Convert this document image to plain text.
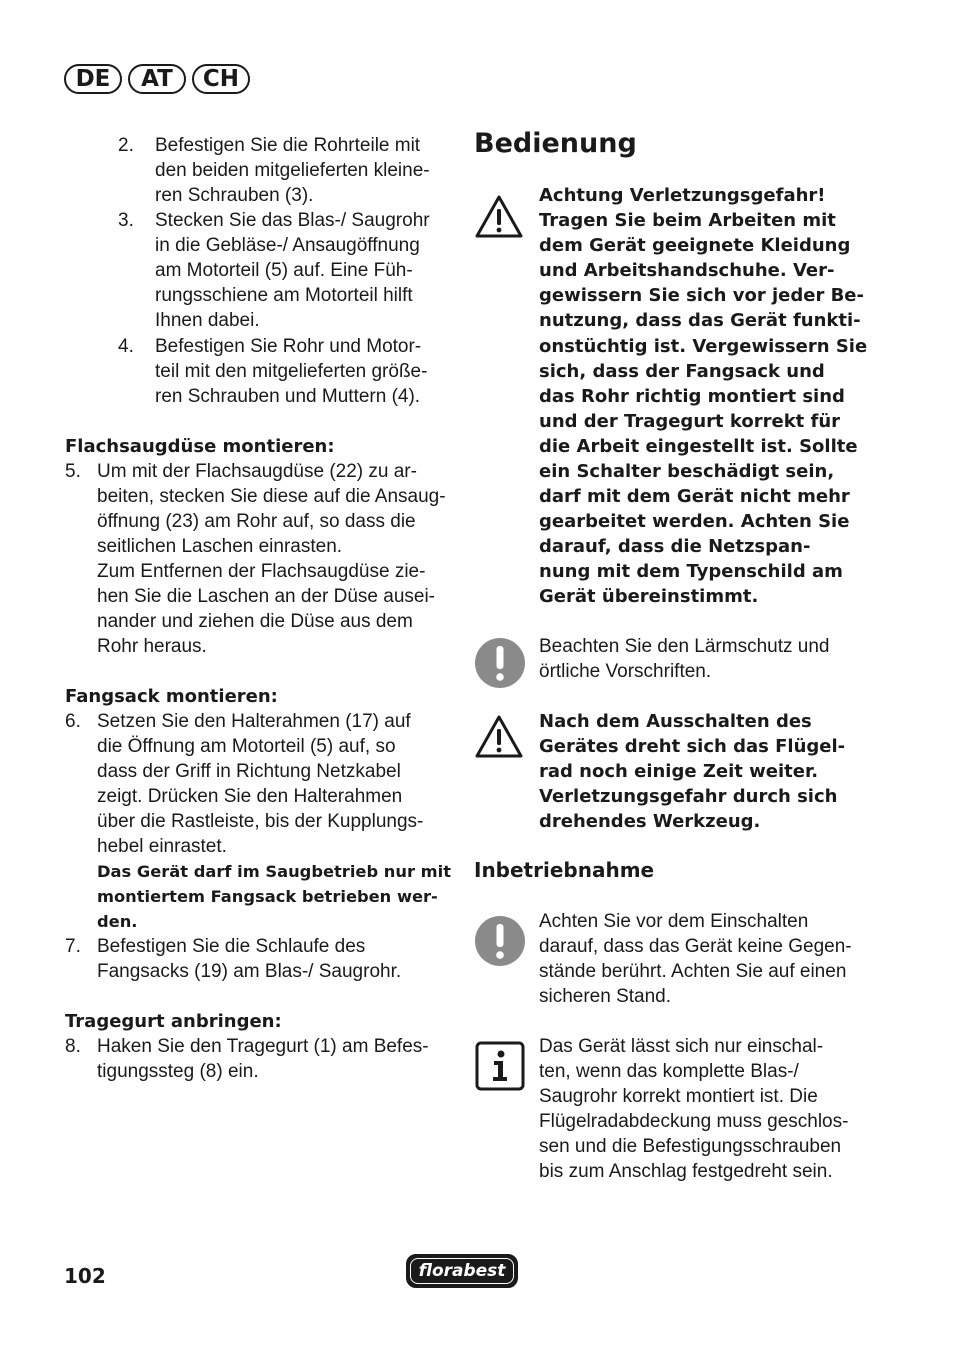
DE	AT	CH
2. Befestigen Sie die Rohrteile mit
den beiden mitgelieferten kleine-
ren Schrauben (3).
3. Stecken Sie das Blas-/ Saugrohr
in die Gebläse-/ Ansaugöffnung
am Motorteil (5) auf. Eine Füh-
rungsschiene am Motorteil hilft
Ihnen dabei.
4. Befestigen Sie Rohr und Motor-
teil mit den mitgelieferten größe-
ren Schrauben und Muttern (4).
Flachsaugdüse montieren:
5. Um mit der Flachsaugdüse (22) zu ar-
beiten, stecken Sie diese auf die Ansaug-
öffnung (23) am Rohr auf, so dass die
seitlichen Laschen einrasten.
Zum Entfernen der Flachsaugdüse zie-
hen Sie die Laschen an der Düse ausei-
nander und ziehen die Düse aus dem
Rohr heraus.
Fangsack montieren:
6. Setzen Sie den Halterahmen (17) auf
die Öffnung am Motorteil (5) auf, so
dass der Griff in Richtung Netzkabel
zeigt. Drücken Sie den Halterahmen
über die Rastleiste, bis der Kupplungs-
hebel einrastet.
Das Gerät darf im Saugbetrieb nur mit
montiertem Fangsack betrieben wer-
den.
7. Befestigen Sie die Schlaufe des
Fangsacks (19) am Blas-/ Saugrohr.
Tragegurt anbringen:
8. Haken Sie den Tragegurt (1) am Befes-
tigungssteg (8) ein.
Bedienung
Achtung Verletzungsgefahr!
Tragen Sie beim Arbeiten mit
dem Gerät geeignete Kleidung
und Arbeitshandschuhe. Ver-
gewissern Sie sich vor jeder Be-
nutzung, dass das Gerät funkti-
onstüchtig ist. Vergewissern Sie
sich, dass der Fangsack und
das Rohr richtig montiert sind
und der Tragegurt korrekt für
die Arbeit eingestellt ist. Sollte
ein Schalter beschädigt sein,
darf mit dem Gerät nicht mehr
gearbeitet werden. Achten Sie
darauf, dass die Netzspan-
nung mit dem Typenschild am
Gerät übereinstimmt.
Beachten Sie den Lärmschutz und
örtliche Vorschriften.
Nach dem Ausschalten des
Gerätes dreht sich das Flügel-
rad noch einige Zeit weiter.
Verletzungsgefahr durch sich
drehendes Werkzeug.
Inbetriebnahme
Achten Sie vor dem Einschalten
darauf, dass das Gerät keine Gegen-
stände berührt. Achten Sie auf einen
sicheren Stand.
Das Gerät lässt sich nur einschal-
ten, wenn das komplette Blas-/
Saugrohr korrekt montiert ist. Die
Flügelradabdeckung muss geschlos-
sen und die Befestigungsschrauben
bis zum Anschlag festgedreht sein.
102	florabest
